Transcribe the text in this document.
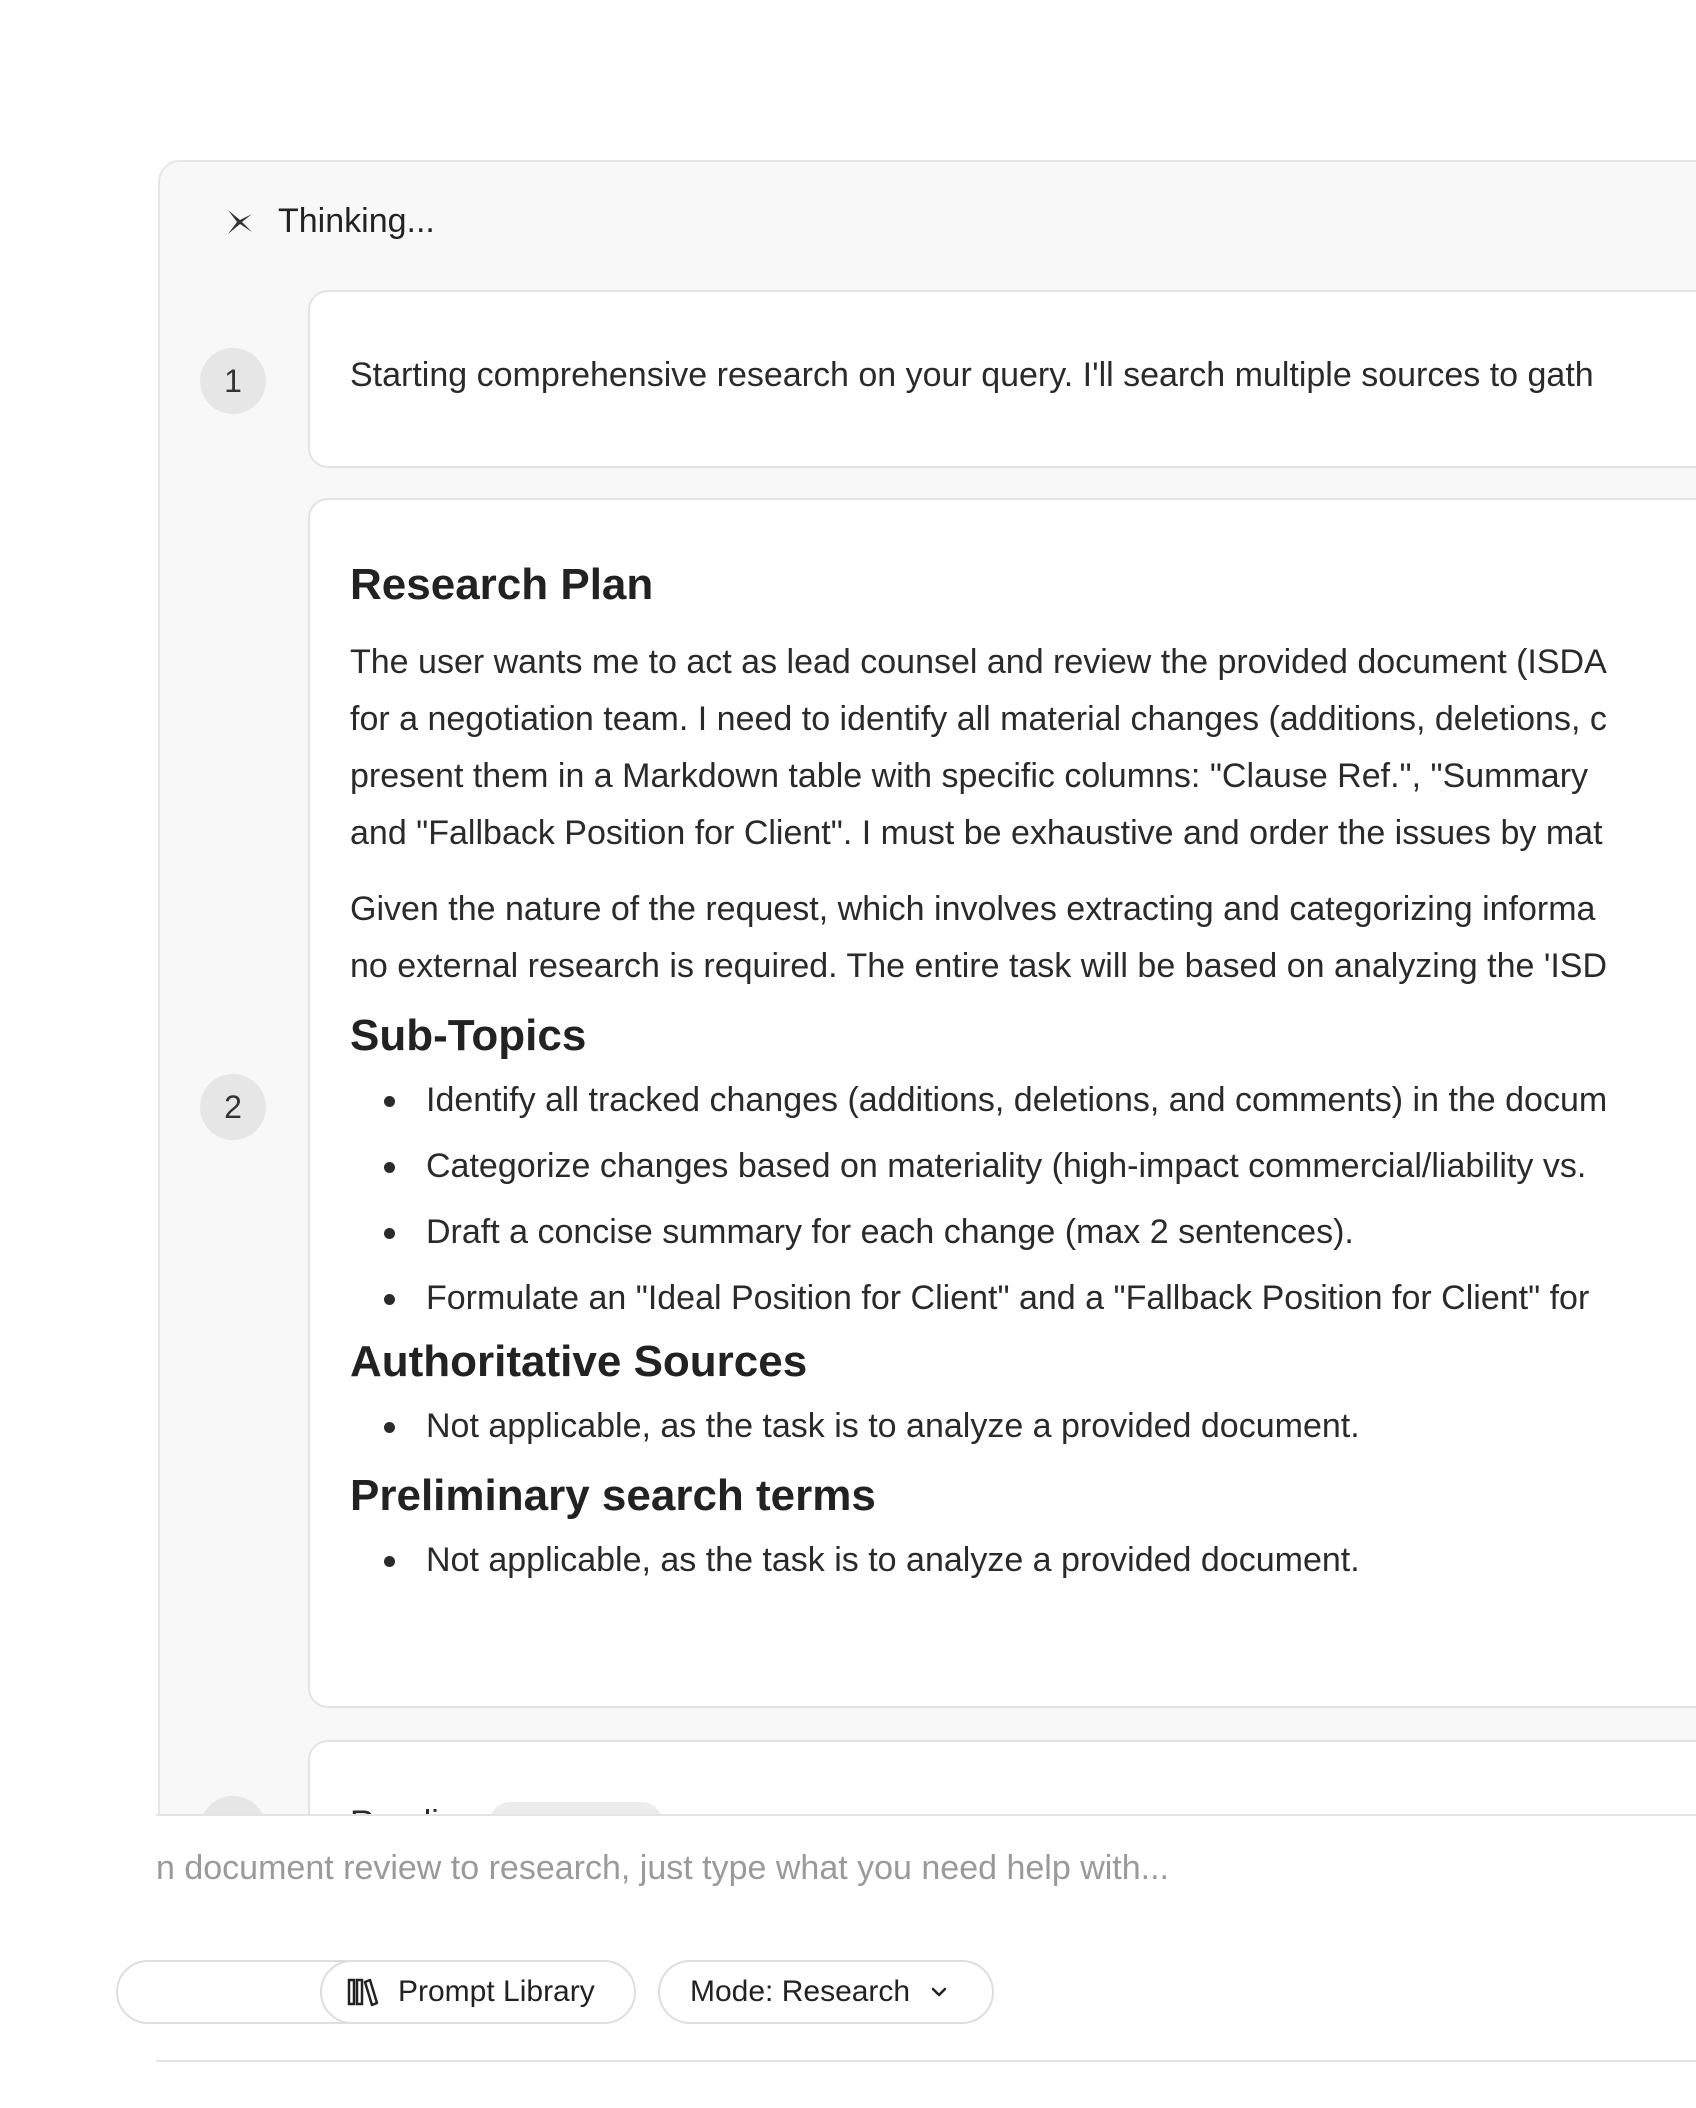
Thinking...
1	Starting comprehensive research on your query. I'll search multiple sources to gath
2
Research Plan
The user wants me to act as lead counsel and review the provided document (ISDA
for a negotiation team. I need to identify all material changes (additions, deletions, c
present them in a Markdown table with specific columns: "Clause Ref.", "Summary
and "Fallback Position for Client". I must be exhaustive and order the issues by mat
Given the nature of the request, which involves extracting and categorizing informa
no external research is required. The entire task will be based on analyzing the 'ISD
Sub-Topics
Identify all tracked changes (additions, deletions, and comments) in the docum
Categorize changes based on materiality (high-impact commercial/liability vs.
Draft a concise summary for each change (max 2 sentences).
Formulate an "Ideal Position for Client" and a "Fallback Position for Client" for
Authoritative Sources
Not applicable, as the task is to analyze a provided document.
Preliminary search terms
Not applicable, as the task is to analyze a provided document.
n document review to research, just type what you need help with...
Prompt Library	Mode: Research
